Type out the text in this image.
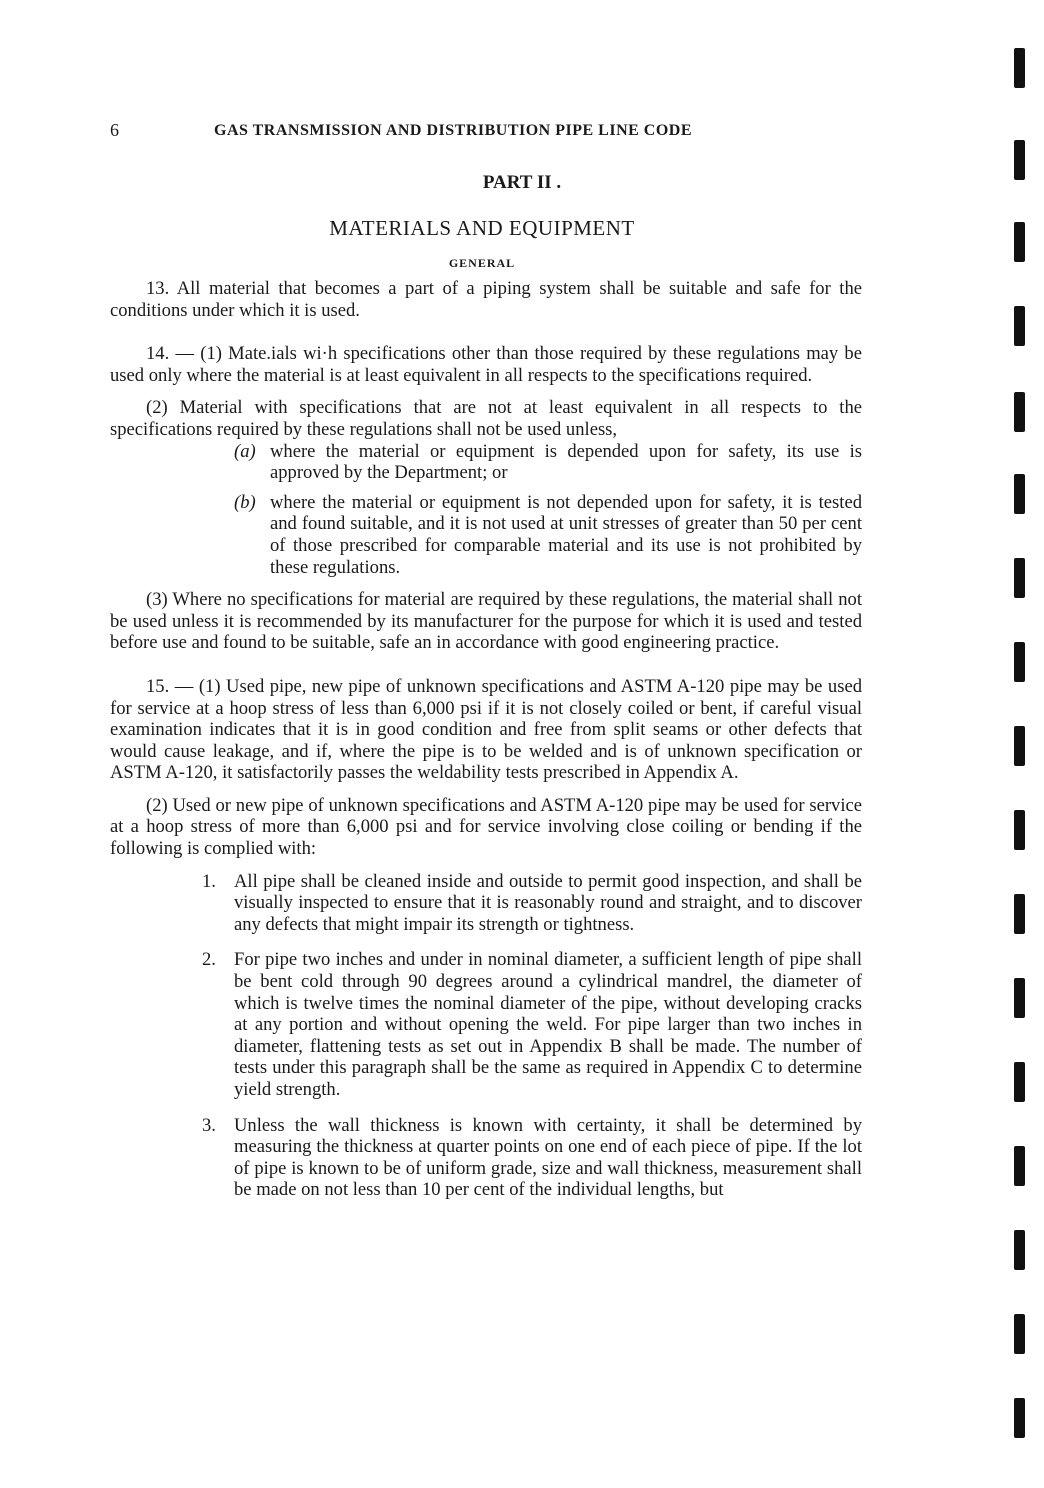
6	GAS TRANSMISSION AND DISTRIBUTION PIPE LINE CODE
PART II .
MATERIALS AND EQUIPMENT
GENERAL

13. All material that becomes a part of a piping system shall be suitable and safe for the conditions under which it is used.

14. — (1) Mate.ials wi·h specifications other than those required by these regulations may be used only where the material is at least equivalent in all respects to the specifications required.

(2) Material with specifications that are not at least equivalent in all respects to the specifications required by these regulations shall not be used unless,

(a) where the material or equipment is depended upon for safety, its use is approved by the Department; or
(b) where the material or equipment is not depended upon for safety, it is tested and found suitable, and it is not used at unit stresses of greater than 50 per cent of those prescribed for comparable material and its use is not prohibited by these regulations.

(3) Where no specifications for material are required by these regulations, the material shall not be used unless it is recommended by its manufacturer for the purpose for which it is used and tested before use and found to be suitable, safe an in accordance with good engineering practice.

15. — (1) Used pipe, new pipe of unknown specifications and ASTM A-120 pipe may be used for service at a hoop stress of less than 6,000 psi if it is not closely coiled or bent, if careful visual examination indicates that it is in good condition and free from split seams or other defects that would cause leakage, and if, where the pipe is to be welded and is of unknown specification or ASTM A-120, it satisfactorily passes the weldability tests prescribed in Appendix A.

(2) Used or new pipe of unknown specifications and ASTM A-120 pipe may be used for service at a hoop stress of more than 6,000 psi and for service involving close coiling or bending if the following is complied with:

1. All pipe shall be cleaned inside and outside to permit good inspection, and shall be visually inspected to ensure that it is reasonably round and straight, and to discover any defects that might impair its strength or tightness.
2. For pipe two inches and under in nominal diameter, a sufficient length of pipe shall be bent cold through 90 degrees around a cylindrical mandrel, the diameter of which is twelve times the nominal diameter of the pipe, without developing cracks at any portion and without opening the weld. For pipe larger than two inches in diameter, flattening tests as set out in Appendix B shall be made. The number of tests under this paragraph shall be the same as required in Appendix C to determine yield strength.
3. Unless the wall thickness is known with certainty, it shall be determined by measuring the thickness at quarter points on one end of each piece of pipe. If the lot of pipe is known to be of uniform grade, size and wall thickness, measurement shall be made on not less than 10 per cent of the individual lengths, but
